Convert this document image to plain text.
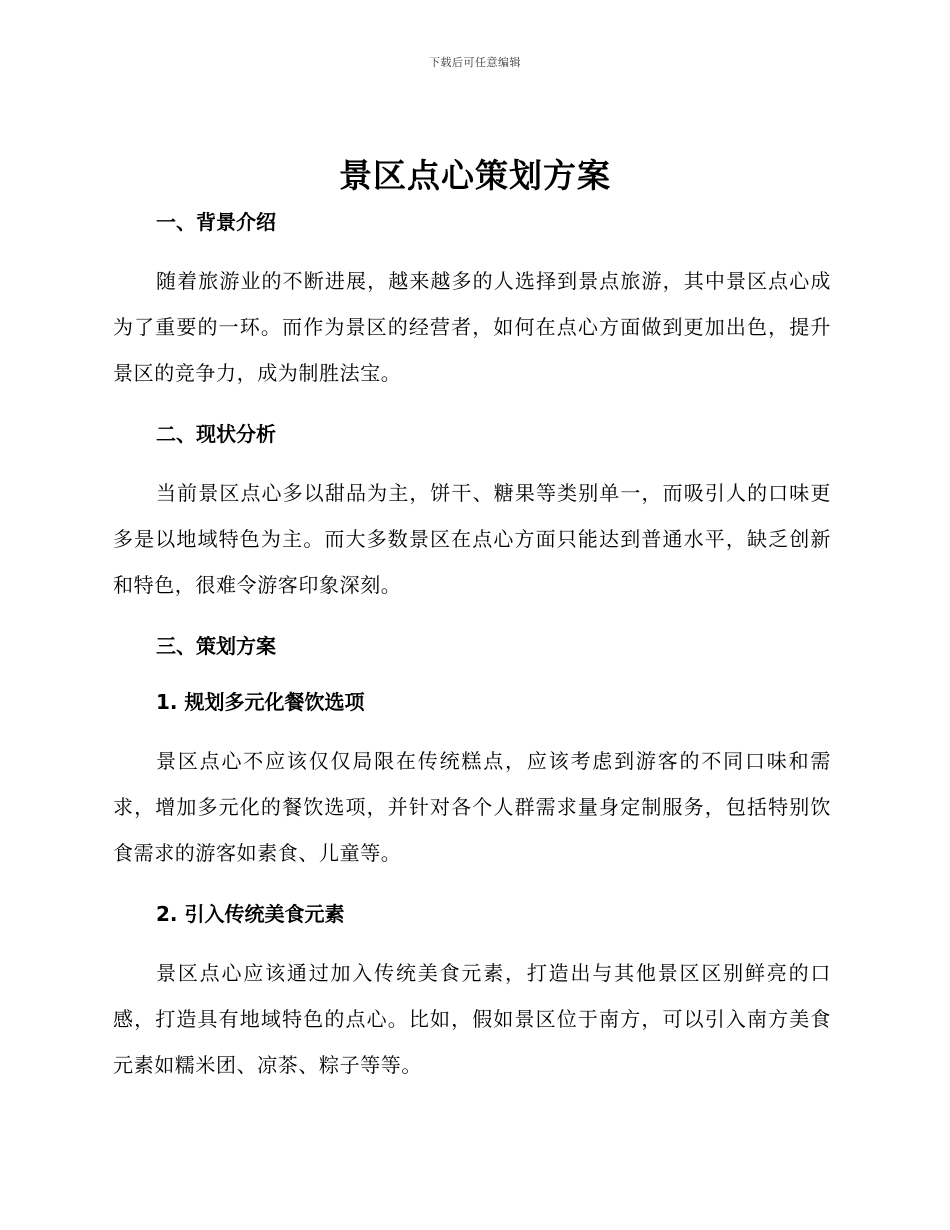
下载后可任意编辑
景区点心策划方案
一、背景介绍
随着旅游业的不断进展，越来越多的人选择到景点旅游，其中景区点心成为了重要的一环。而作为景区的经营者，如何在点心方面做到更加出色，提升景区的竞争力，成为制胜法宝。
二、现状分析
当前景区点心多以甜品为主，饼干、糖果等类别单一，而吸引人的口味更多是以地域特色为主。而大多数景区在点心方面只能达到普通水平，缺乏创新和特色，很难令游客印象深刻。
三、策划方案
1. 规划多元化餐饮选项
景区点心不应该仅仅局限在传统糕点，应该考虑到游客的不同口味和需求，增加多元化的餐饮选项，并针对各个人群需求量身定制服务，包括特别饮食需求的游客如素食、儿童等。
2. 引入传统美食元素
景区点心应该通过加入传统美食元素，打造出与其他景区区别鲜亮的口感，打造具有地域特色的点心。比如，假如景区位于南方，可以引入南方美食元素如糯米团、凉茶、粽子等等。
